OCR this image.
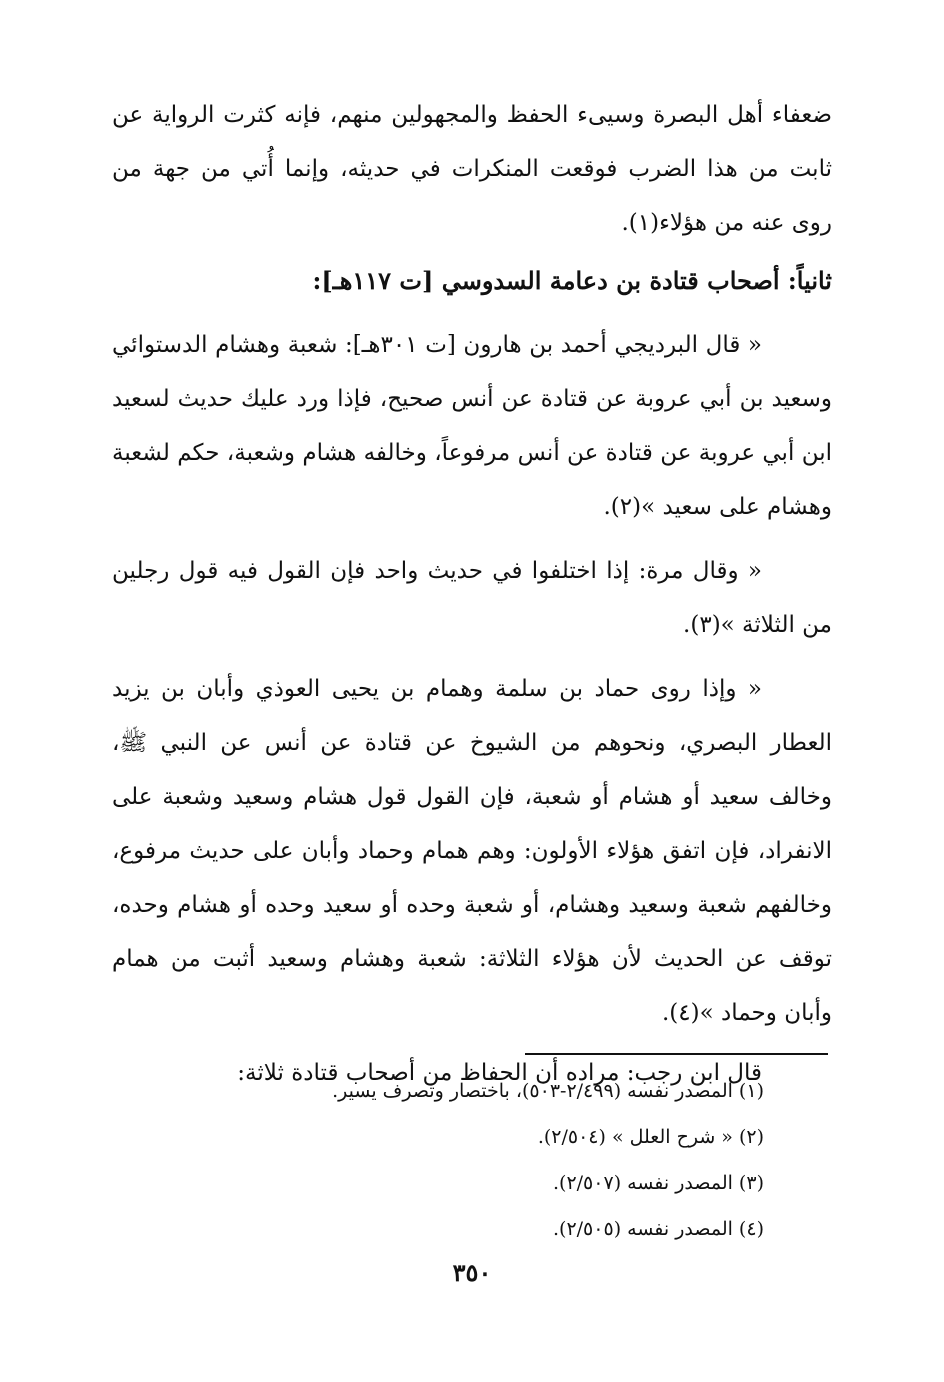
ضعفاء أهل البصرة وسيىء الحفظ والمجهولين منهم، فإنه كثرت الرواية عن ثابت من هذا الضرب فوقعت المنكرات في حديثه، وإنما أُتي من جهة من روى عنه من هؤلاء(١).

ثانياً: أصحاب قتادة بن دعامة السدوسي [ت ١١٧هـ]:

« قال البرديجي أحمد بن هارون [ت ٣٠١هـ]: شعبة وهشام الدستوائي وسعيد بن أبي عروبة عن قتادة عن أنس صحيح، فإذا ورد عليك حديث لسعيد ابن أبي عروبة عن قتادة عن أنس مرفوعاً، وخالفه هشام وشعبة، حكم لشعبة وهشام على سعيد »(٢).

« وقال مرة: إذا اختلفوا في حديث واحد فإن القول فيه قول رجلين من الثلاثة »(٣).

« وإذا روى حماد بن سلمة وهمام بن يحيى العوذي وأبان بن يزيد العطار البصري، ونحوهم من الشيوخ عن قتادة عن أنس عن النبي ﷺ، وخالف سعيد أو هشام أو شعبة، فإن القول قول هشام وسعيد وشعبة على الانفراد، فإن اتفق هؤلاء الأولون: وهم همام وحماد وأبان على حديث مرفوع، وخالفهم شعبة وسعيد وهشام، أو شعبة وحده أو سعيد وحده أو هشام وحده، توقف عن الحديث لأن هؤلاء الثلاثة: شعبة وهشام وسعيد أثبت من همام وأبان وحماد »(٤).

قال ابن رجب: مراده أن الحفاظ من أصحاب قتادة ثلاثة:

(١) المصدر نفسه (٢/٤٩٩-٥٠٣)، باختصار وتصرف يسير.

(٢) « شرح العلل » (٢/٥٠٤).

(٣) المصدر نفسه (٢/٥٠٧).

(٤) المصدر نفسه (٢/٥٠٥).

٣٥٠
